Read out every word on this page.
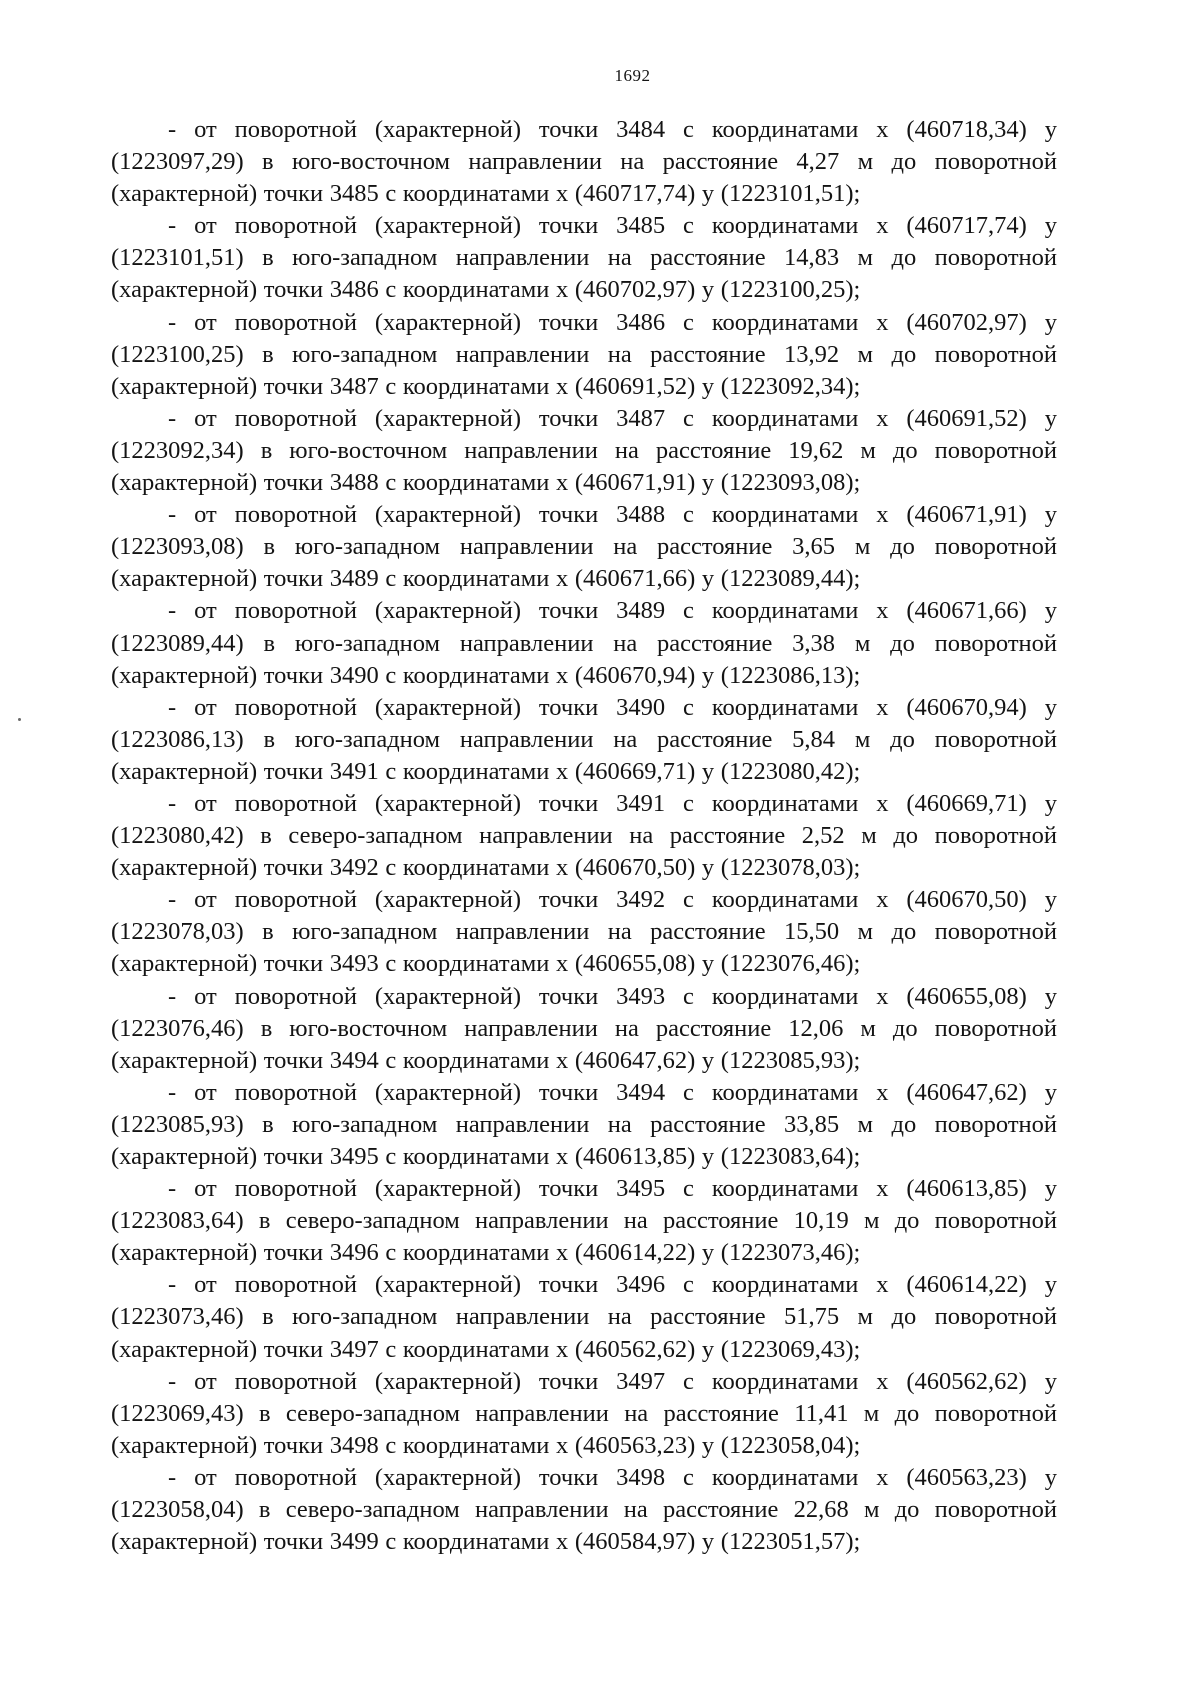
1692

- от поворотной (характерной) точки 3484 с координатами х (460718,34) у (1223097,29) в юго-восточном направлении на расстояние 4,27 м до поворотной (характерной) точки 3485 с координатами х (460717,74) у (1223101,51);

- от поворотной (характерной) точки 3485 с координатами х (460717,74) у (1223101,51) в юго-западном направлении на расстояние 14,83 м до поворотной (характерной) точки 3486 с координатами х (460702,97) у (1223100,25);

- от поворотной (характерной) точки 3486 с координатами х (460702,97) у (1223100,25) в юго-западном направлении на расстояние 13,92 м до поворотной (характерной) точки 3487 с координатами х (460691,52) у (1223092,34);

- от поворотной (характерной) точки 3487 с координатами х (460691,52) у (1223092,34) в юго-восточном направлении на расстояние 19,62 м до поворотной (характерной) точки 3488 с координатами х (460671,91) у (1223093,08);

- от поворотной (характерной) точки 3488 с координатами х (460671,91) у (1223093,08) в юго-западном направлении на расстояние 3,65 м до поворотной (характерной) точки 3489 с координатами х (460671,66) у (1223089,44);

- от поворотной (характерной) точки 3489 с координатами х (460671,66) у (1223089,44) в юго-западном направлении на расстояние 3,38 м до поворотной (характерной) точки 3490 с координатами х (460670,94) у (1223086,13);

- от поворотной (характерной) точки 3490 с координатами х (460670,94) у (1223086,13) в юго-западном направлении на расстояние 5,84 м до поворотной (характерной) точки 3491 с координатами х (460669,71) у (1223080,42);

- от поворотной (характерной) точки 3491 с координатами х (460669,71) у (1223080,42) в северо-западном направлении на расстояние 2,52 м до поворотной (характерной) точки 3492 с координатами х (460670,50) у (1223078,03);

- от поворотной (характерной) точки 3492 с координатами х (460670,50) у (1223078,03) в юго-западном направлении на расстояние 15,50 м до поворотной (характерной) точки 3493 с координатами х (460655,08) у (1223076,46);

- от поворотной (характерной) точки 3493 с координатами х (460655,08) у (1223076,46) в юго-восточном направлении на расстояние 12,06 м до поворотной (характерной) точки 3494 с координатами х (460647,62) у (1223085,93);

- от поворотной (характерной) точки 3494 с координатами х (460647,62) у (1223085,93) в юго-западном направлении на расстояние 33,85 м до поворотной (характерной) точки 3495 с координатами х (460613,85) у (1223083,64);

- от поворотной (характерной) точки 3495 с координатами х (460613,85) у (1223083,64) в северо-западном направлении на расстояние 10,19 м до поворотной (характерной) точки 3496 с координатами х (460614,22) у (1223073,46);

- от поворотной (характерной) точки 3496 с координатами х (460614,22) у (1223073,46) в юго-западном направлении на расстояние 51,75 м до поворотной (характерной) точки 3497 с координатами х (460562,62) у (1223069,43);

- от поворотной (характерной) точки 3497 с координатами х (460562,62) у (1223069,43) в северо-западном направлении на расстояние 11,41 м до поворотной (характерной) точки 3498 с координатами х (460563,23) у (1223058,04);

- от поворотной (характерной) точки 3498 с координатами х (460563,23) у (1223058,04) в северо-западном направлении на расстояние 22,68 м до поворотной (характерной) точки 3499 с координатами х (460584,97) у (1223051,57);
